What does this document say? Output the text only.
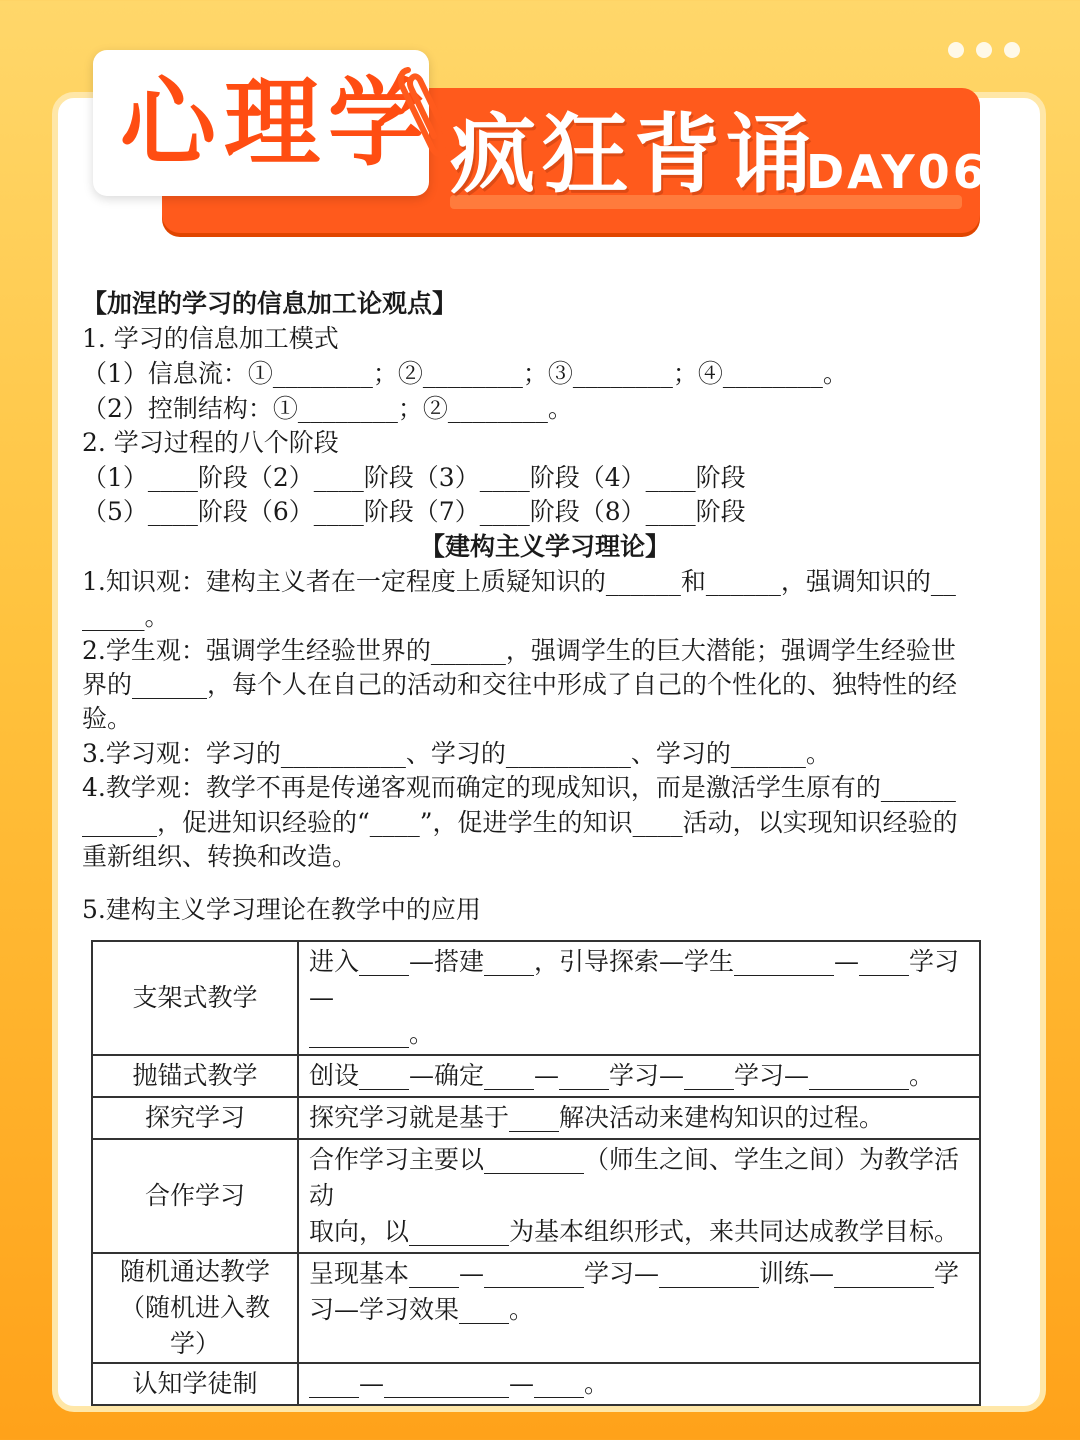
心理学 疯狂背诵
DAY06
【加涅的学习的信息加工论观点】
1. 学习的信息加工模式
（1）信息流：①________；②________；③________；④________。
（2）控制结构：①________；②________。
2. 学习过程的八个阶段
（1）____阶段（2）____阶段（3）____阶段（4）____阶段
（5）____阶段（6）____阶段（7）____阶段（8）____阶段
【建构主义学习理论】
1.知识观：建构主义者在一定程度上质疑知识的______和______，强调知识的__
_____。
2.学生观：强调学生经验世界的______，强调学生的巨大潜能；强调学生经验世
界的______，每个人在自己的活动和交往中形成了自己的个性化的、独特性的经
验。
3.学习观：学习的__________、学习的__________、学习的______。
4.教学观：教学不再是传递客观而确定的现成知识，而是激活学生原有的______
______，促进知识经验的“____”，促进学生的知识____活动，以实现知识经验的
重新组织、转换和改造。
5.建构主义学习理论在教学中的应用
支架式教学	进入____—搭建____，引导探索—学生________—____学习—
________。

抛锚式教学	创设____—确定____—____学习—____学习—________。

探究学习	探究学习就是基于____解决活动来建构知识的过程。

合作学习	合作学习主要以________（师生之间、学生之间）为教学活动
取向，以________为基本组织形式，来共同达成教学目标。

随机通达教学（随机进入教学）	呈现基本____—________学习—________训练—________学
习—学习效果____。

认知学徒制	____—__________—____。
